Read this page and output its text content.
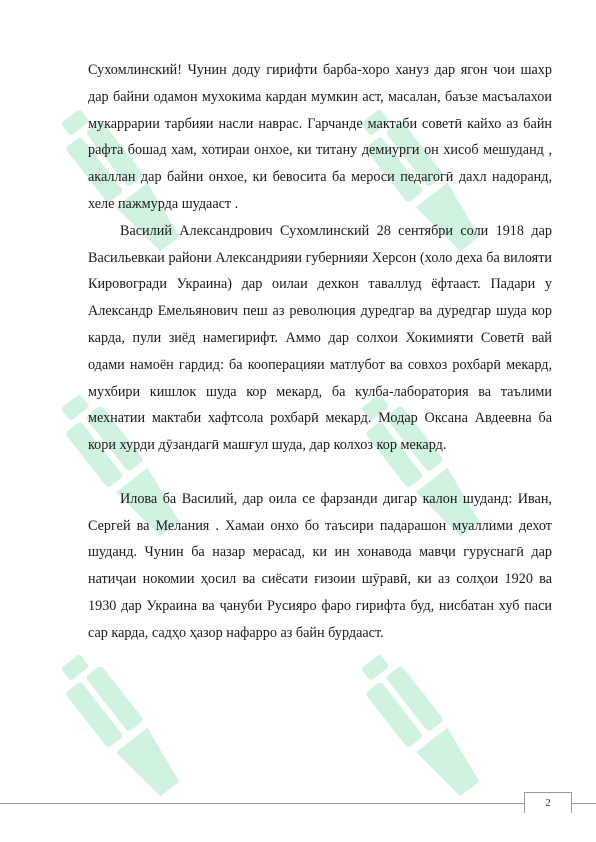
Сухомлинский! Чунин доду гирифти барба-хоро хануз дар ягон чои шахр дар байни одамон мухокима кардан мумкин аст, масалан, баъзе масъалахои мукаррарии тарбияи насли наврас. Гарчанде мактаби советӣ кайхо аз байн рафта бошад хам, хотираи онхое, ки титану демиурги он хисоб мешуданд , акаллан дар байни онхое, ки бевосита ба мероси педагогӣ дахл надоранд, хеле пажмурда шудааст .

Василий Александрович Сухомлинский 28 сентябри соли 1918 дар Васильевкаи райони Александрияи губернияи Херсон (холо деха ба вилояти Кировогради Украина) дар оилаи дехкон таваллуд ёфтааст. Падари у Александр Емельянович пеш аз революция дуредгар ва дуредгар шуда кор карда, пули зиёд намегирифт. Аммо дар солхои Хокимияти Советӣ вай одами намоён гардид: ба кооперацияи матлубот ва совхоз рохбарӣ мекард, мухбири кишлок шуда кор мекард, ба кулба-лаборатория ва таълими мехнатии мактаби хафтсола рохбарӣ мекард. Модар Оксана Авдеевна ба кори хурди дӯзандагӣ машғул шуда, дар колхоз кор мекард.

Илова ба Василий, дар оила се фарзанди дигар калон шуданд: Иван, Сергей ва Мелания . Хамаи онхо бо таъсири падарашон муаллими дехот шуданд. Чунин ба назар мерасад, ки ин хонавода мавҷи гуруснагӣ дар натиҷаи нокомии ҳосил ва сиёсати ғизоии шӯравӣ, ки аз солҳои 1920 ва 1930 дар Украина ва ҷануби Русияро фаро гирифта буд, нисбатан хуб паси сар карда, садҳо ҳазор нафарро аз байн бурдааст.

2
